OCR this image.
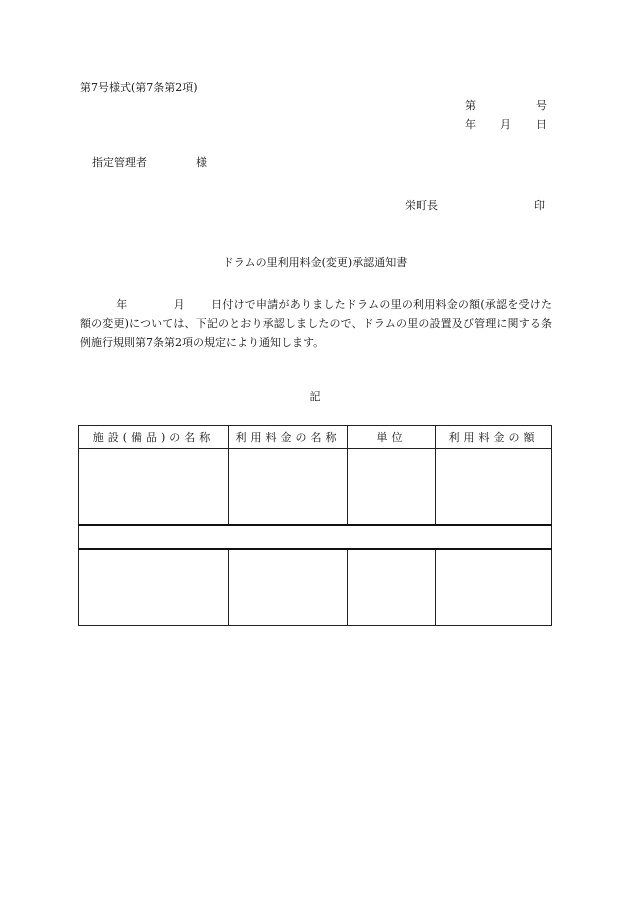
第7号様式(第7条第2項)
第	号
年 月 日
指定管理者	様
栄町長	印
ドラムの里利用料金(変更)承認通知書
年	月 日付けで申請がありましたドラムの里の利用料金の額(承認を受けた額の変更)については、下記のとおり承認しましたので、ドラムの里の設置及び管理に関する条例施行規則第7条第2項の規定により通知します。
記
施設(備品)の名称	利用料金の名称	単位	利用料金の額
